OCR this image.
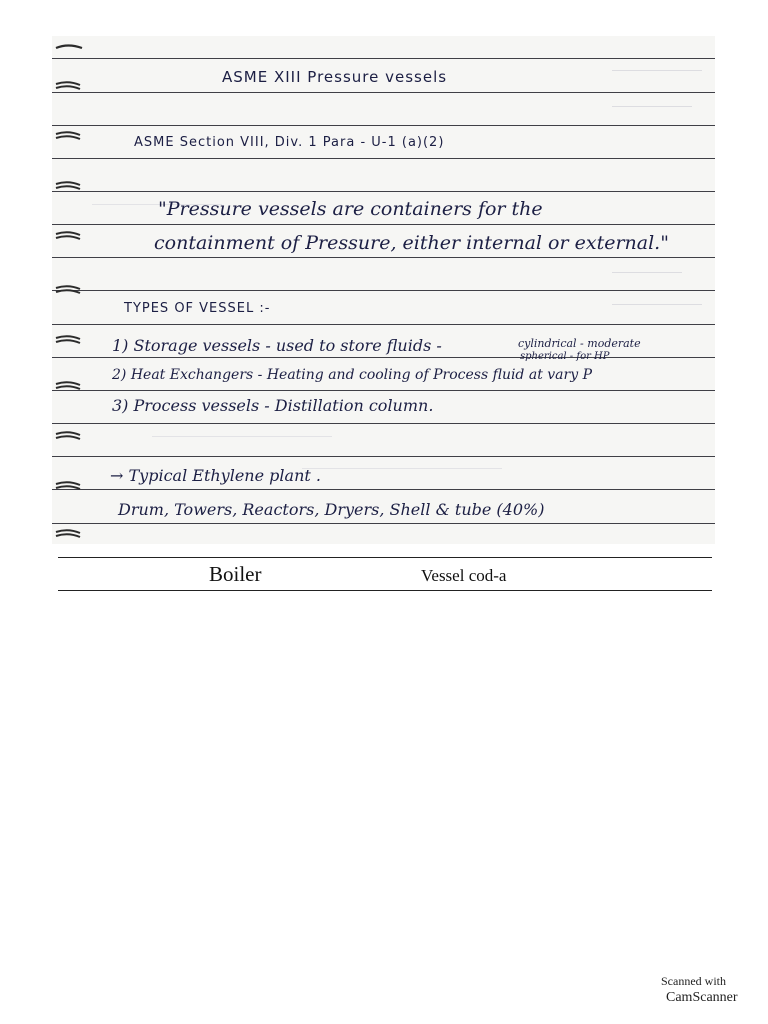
ASME XIII Pressure vessels
ASME Section VIII, Div. 1 Para - U-1 (a)(2)
"Pressure vessels are containers for the
containment of Pressure, either internal or external."
TYPES OF VESSEL :-
1) Storage vessels - used to store fluids -	cylindrical - moderate
spherical - for HP
2) Heat Exchangers - Heating and cooling of Process fluid at vary P
3) Process vessels - Distillation column.
→ Typical Ethylene plant .
Drum, Towers, Reactors, Dryers, Shell & tube (40%)
Boiler	Vessel cod-a
Scanned with
CamScanner
